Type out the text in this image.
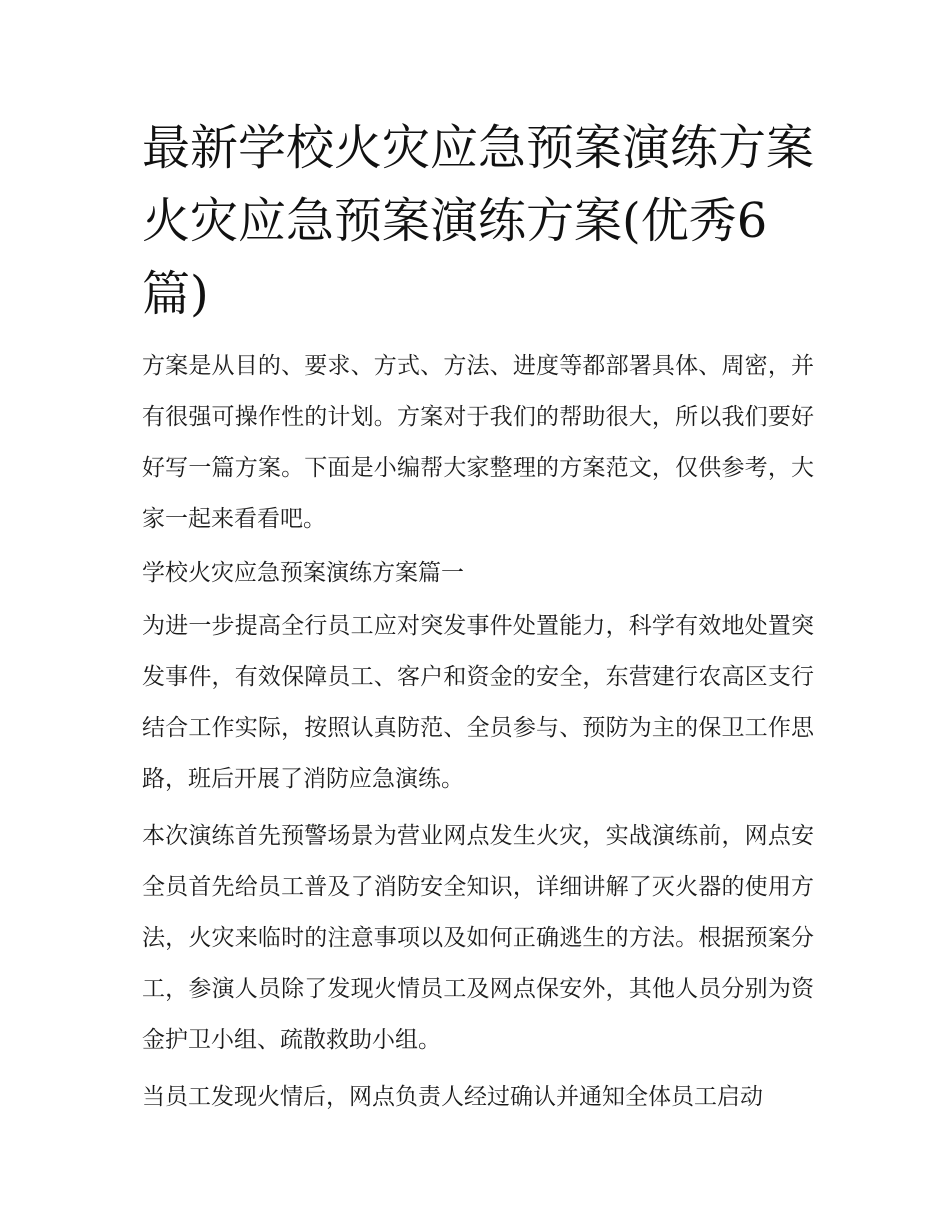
最新学校火灾应急预案演练方案 火灾应急预案演练方案(优秀6篇)

方案是从目的、要求、方式、方法、进度等都部署具体、周密，并有很强可操作性的计划。方案对于我们的帮助很大，所以我们要好好写一篇方案。下面是小编帮大家整理的方案范文，仅供参考，大家一起来看看吧。

学校火灾应急预案演练方案篇一

为进一步提高全行员工应对突发事件处置能力，科学有效地处置突发事件，有效保障员工、客户和资金的安全，东营建行农高区支行结合工作实际，按照认真防范、全员参与、预防为主的保卫工作思路，班后开展了消防应急演练。

本次演练首先预警场景为营业网点发生火灾，实战演练前，网点安全员首先给员工普及了消防安全知识，详细讲解了灭火器的使用方法，火灾来临时的注意事项以及如何正确逃生的方法。根据预案分工，参演人员除了发现火情员工及网点保安外，其他人员分别为资金护卫小组、疏散救助小组。

当员工发现火情后，网点负责人经过确认并通知全体员工启动
